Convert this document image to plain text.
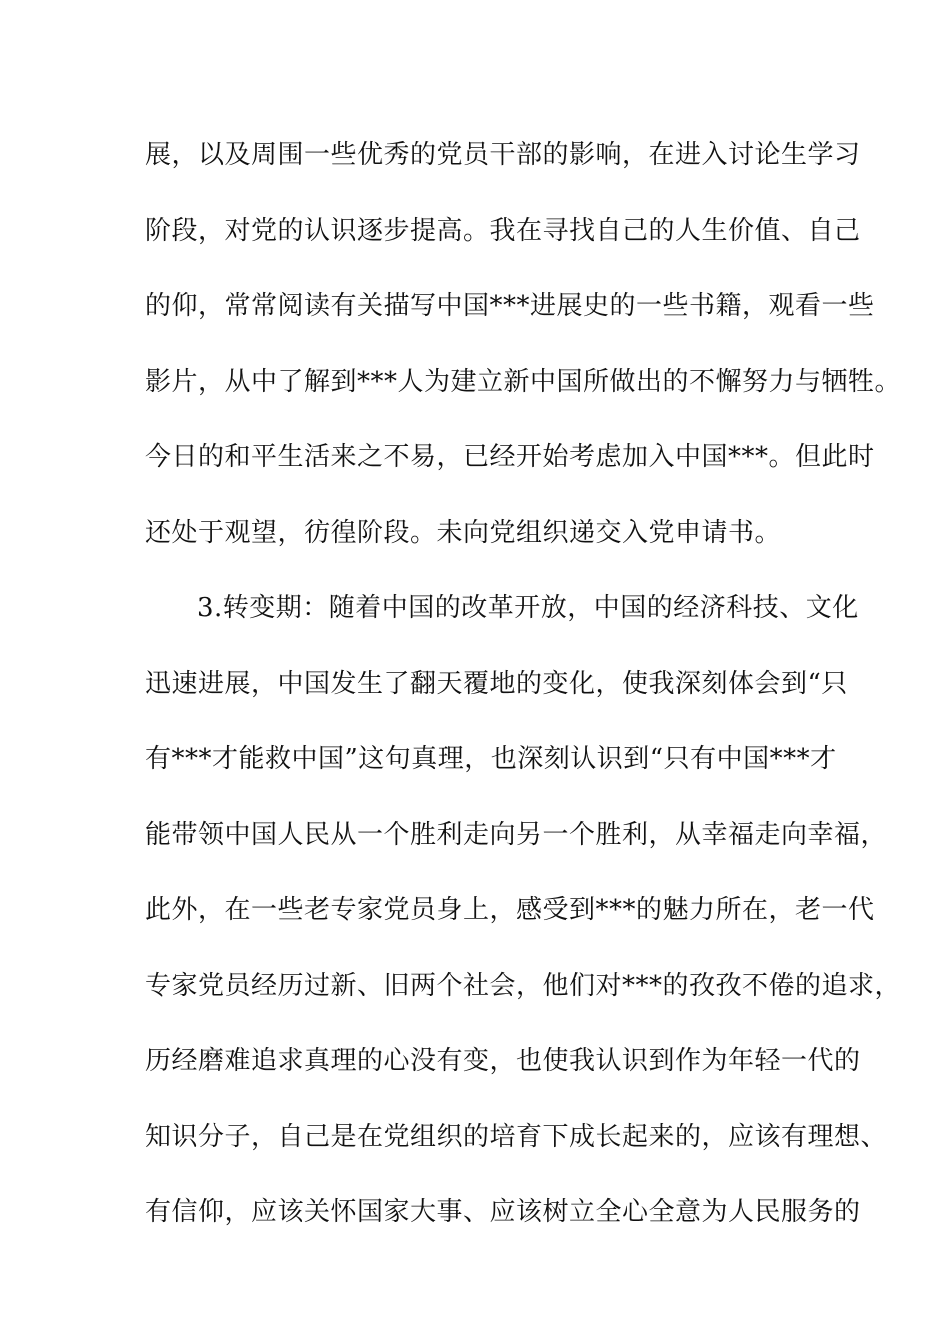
展，以及周围一些优秀的党员干部的影响，在进入讨论生学习
阶段，对党的认识逐步提高。我在寻找自己的人生价值、自己
的仰，常常阅读有关描写中国***进展史的一些书籍，观看一些
影片，从中了解到***人为建立新中国所做出的不懈努力与牺牲。
今日的和平生活来之不易，已经开始考虑加入中国***。但此时
还处于观望，彷徨阶段。未向党组织递交入党申请书。
3.转变期：随着中国的改革开放，中国的经济科技、文化
迅速进展，中国发生了翻天覆地的变化，使我深刻体会到“只
有***才能救中国”这句真理，也深刻认识到“只有中国***才
能带领中国人民从一个胜利走向另一个胜利，从幸福走向幸福，
此外，在一些老专家党员身上，感受到***的魅力所在，老一代
专家党员经历过新、旧两个社会，他们对***的孜孜不倦的追求，
历经磨难追求真理的心没有变，也使我认识到作为年轻一代的
知识分子，自己是在党组织的培育下成长起来的，应该有理想、
有信仰，应该关怀国家大事、应该树立全心全意为人民服务的
